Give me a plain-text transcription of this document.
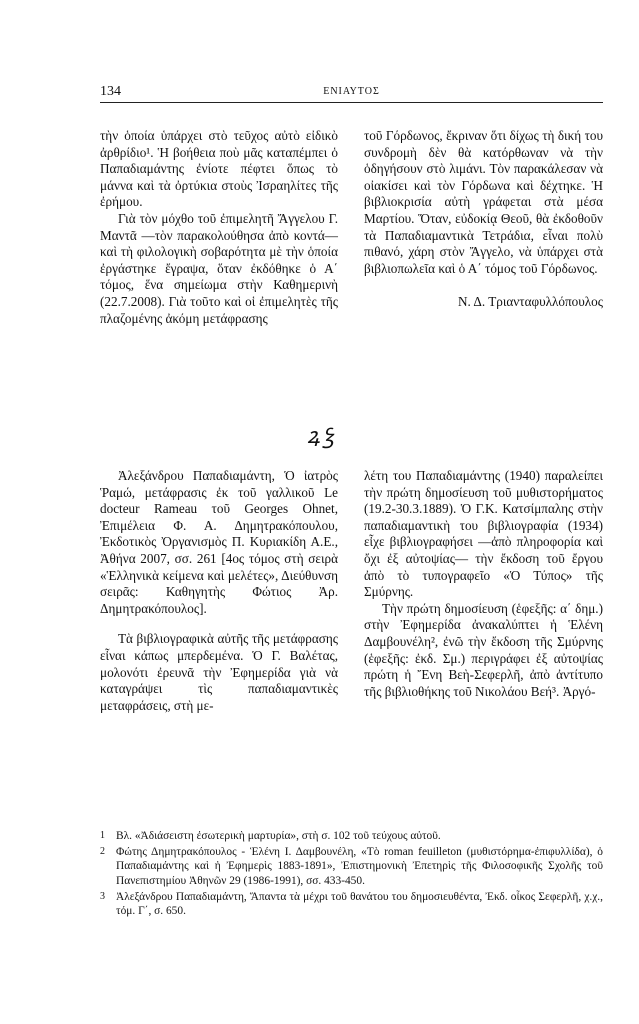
134	ΕΝΙΑΥΤΟΣ

τὴν ὁποία ὑπάρχει στὸ τεῦχος αὐτὸ εἰδικὸ ἀρθρίδιο¹. Ἡ βοήθεια ποὺ μᾶς καταπέμπει ὁ Παπαδιαμάντης ἐνίοτε πέφτει ὅπως τὸ μάννα καὶ τὰ ὀρτύκια στοὺς Ἰσραηλίτες τῆς ἐρήμου.

Γιὰ τὸν μόχθο τοῦ ἐπιμελητῆ Ἄγγελου Γ. Μαντᾶ —τὸν παρακολούθησα ἀπὸ κοντά— καὶ τὴ φιλολογικὴ σοβαρότητα μὲ τὴν ὁποία ἐργάστηκε ἔγραψα, ὅταν ἐκδόθηκε ὁ Α΄ τόμος, ἕνα σημείωμα στὴν Καθημερινὴ (22.7.2008). Γιὰ τοῦτο καὶ οἱ ἐπιμελητὲς τῆς πλαζομένης ἀκόμη μετάφρασης

τοῦ Γόρδωνος, ἔκριναν ὅτι δίχως τὴ δική του συνδρομὴ δὲν θὰ κατόρθωναν νὰ τὴν ὁδηγήσουν στὸ λιμάνι. Τὸν παρακάλεσαν νὰ οἰακίσει καὶ τὸν Γόρδωνα καὶ δέχτηκε. Ἡ βιβλιοκρισία αὐτὴ γράφεται στὰ μέσα Μαρτίου. Ὅταν, εὐδοκίᾳ Θεοῦ, θὰ ἐκδοθοῦν τὰ Παπαδιαμαντικὰ Τετράδια, εἶναι πολὺ πιθανό, χάρη στὸν Ἄγγελο, νὰ ὑπάρχει στὰ βιβλιοπωλεῖα καὶ ὁ Α΄ τόμος τοῦ Γόρδωνος.

Ν. Δ. Τριανταφυλλόπουλος

ꝝ ꝣ

Ἀλεξάνδρου Παπαδιαμάντη, Ὁ ἰατρὸς Ῥαμώ, μετάφρασις ἐκ τοῦ γαλλικοῦ Le docteur Rameau τοῦ Georges Ohnet, Ἐπιμέλεια Φ. Α. Δημητρακόπουλου, Ἐκδοτικὸς Ὀργανισμὸς Π. Κυριακίδη Α.Ε., Ἀθήνα 2007, σσ. 261 [4ος τόμος στὴ σειρὰ «Ἑλληνικὰ κείμενα καὶ μελέτες», Διεύθυνση σειρᾶς: Καθηγητὴς Φώτιος Ἀρ. Δημητρακόπουλος].

Τὰ βιβλιογραφικὰ αὐτῆς τῆς μετάφρασης εἶναι κάπως μπερδεμένα. Ὁ Γ. Βαλέτας, μολονότι ἐρευνᾶ τὴν Ἐφημερίδα γιὰ νὰ καταγράψει τὶς παπαδιαμαντικὲς μεταφράσεις, στὴ με-

λέτη του Παπαδιαμάντης (1940) παραλείπει τὴν πρώτη δημοσίευση τοῦ μυθιστορήματος (19.2-30.3.1889). Ὁ Γ.Κ. Κατσίμπαλης στὴν παπαδιαμαντικὴ του βιβλιογραφία (1934) εἶχε βιβλιογραφήσει —ἀπὸ πληροφορία καὶ ὄχι ἐξ αὐτοψίας— τὴν ἔκδοση τοῦ ἔργου ἀπὸ τὸ τυπογραφεῖο «Ὁ Τύπος» τῆς Σμύρνης.

Τὴν πρώτη δημοσίευση (ἑφεξῆς: α΄ δημ.) στὴν Ἐφημερίδα ἀνακαλύπτει ἡ Ἑλένη Δαμβουνέλη², ἐνῶ τὴν ἔκδοση τῆς Σμύρνης (ἑφεξῆς: ἐκδ. Σμ.) περιγράφει ἐξ αὐτοψίας πρώτη ἡ Ἔνη Βεὴ-Σεφερλῆ, ἀπὸ ἀντίτυπο τῆς βιβλιοθήκης τοῦ Νικολάου Βεή³. Ἀργό-

1 Βλ. «Ἀδιάσειστη ἐσωτερικὴ μαρτυρία», στὴ σ. 102 τοῦ τεύχους αὐτοῦ.
2 Φώτης Δημητρακόπουλος - Ἑλένη Ι. Δαμβουνέλη, «Τὸ roman feuilleton (μυθιστόρημα-ἐπιφυλλίδα), ὁ Παπαδιαμάντης καὶ ἡ Ἐφημερὶς 1883-1891», Ἐπιστημονικὴ Ἐπετηρὶς τῆς Φιλοσοφικῆς Σχολῆς τοῦ Πανεπιστημίου Ἀθηνῶν 29 (1986-1991), σσ. 433-450.
3 Ἀλεξάνδρου Παπαδιαμάντη, Ἅπαντα τὰ μέχρι τοῦ θανάτου του δημοσιευθέντα, Ἐκδ. οἶκος Σεφερλῆ, χ.χ., τόμ. Γ΄, σ. 650.
